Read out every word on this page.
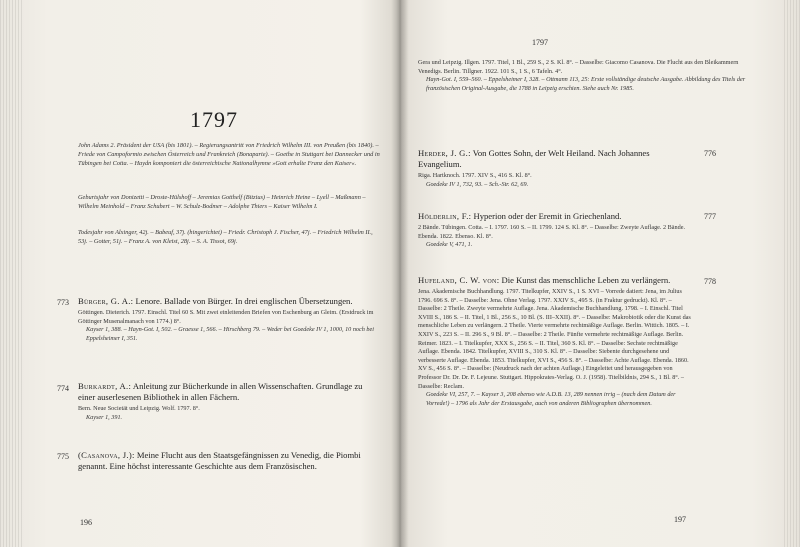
1797

John Adams 2. Präsident der USA (bis 1801). – Regierungsantritt von Friedrich Wilhelm III. von Preußen (bis 1840). – Friede von Campoformio zwischen Österreich und Frankreich (Bonaparte). – Goethe in Stuttgart bei Dannecker und in Tübingen bei Cotta. – Haydn komponiert die österreichische Nationalhymne »Gott erhalte Franz den Kaiser«.

Geburtsjahr von Donizetti – Droste-Hülshoff – Jeremias Gotthelf (Bitzius) – Heinrich Heine – Lyell – Maßmann – Wilhelm Meinhold – Franz Schubert – W. Schulz-Bodmer – Adolphe Thiers – Kaiser Wilhelm I.

Todesjahr von Alxinger, 42j. – Babeuf, 37j. (hingerichtet) – Friedr. Christoph J. Fischer, 47j. – Friedrich Wilhelm II., 53j. – Gotter, 51j. – Franz A. von Kleist, 28j. – S. A. Tissot, 69j.

773 Bürger, G. A.: Lenore. Ballade von Bürger. In drei englischen Übersetzungen.
Göttingen. Dieterich. 1797. Einschl. Titel 60 S. Mit zwei einleitenden Briefen von Eschenburg an Gleim. (Erstdruck im Göttinger Musenalmanach von 1774.) 8°.
Kayser 1, 388. – Hayn-Got. I, 502. – Graesse 1, 566. – Hirschberg 79. – Weder bei Goedeke IV 1, 1000, 10 noch bei Eppelsheimer I, 351.
774 Burkardt, A.: Anleitung zur Bücherkunde in allen Wissenschaften. Grundlage zu einer auserlesenen Bibliothek in allen Fächern.
Bern. Neue Societät und Leipzig. Wolf. 1797. 8°.
Kayser 1, 391.
775 (Casanova, J.): Meine Flucht aus den Staatsgefängnissen zu Venedig, die Piombi genannt. Eine höchst interessante Geschichte aus dem Französischen.
196
1797
Gera und Leipzig. Illgen. 1797. Titel, 1 Bl., 259 S., 2 S. Kl. 8°. – Dasselbe: Giacomo Casanova. Die Flucht aus den Bleikammern Venedigs. Berlin. Tillgner. 1922. 101 S., 1 S., 6 Tafeln. 4°.
Hayn-Got. I, 559–560. – Eppelsheimer I, 328. – Ottmann 113, 25: Erste vollständige deutsche Ausgabe. Abbildung des Titels der französischen Original-Ausgabe, die 1788 in Leipzig erschien. Siehe auch Nr. 1985.
776
Herder, J. G.: Von Gottes Sohn, der Welt Heiland. Nach Johannes Evangelium.
Riga. Hartknoch. 1797. XIV S., 416 S. Kl. 8°.
Goedeke IV 1, 732, 93. – Sch.-Str. 62, 69.
777
Hölderlin, F.: Hyperion oder der Eremit in Griechenland.
2 Bände. Tübingen. Cotta. – I. 1797. 160 S. – II. 1799. 124 S. Kl. 8°. – Dasselbe: Zweyte Auflage. 2 Bände. Ebenda. 1822. Ebenso. Kl. 8°.
Goedeke V, 471, 1.
778
Hufeland, C. W. von: Die Kunst das menschliche Leben zu verlängern.
Jena. Akademische Buchhandlung. 1797. Titelkupfer, XXIV S., 1 S. XVI – Vorrede datiert: Jena, im Julius 1796. 696 S. 8°. – Dasselbe: Jena. Ohne Verlag. 1797. XXIV S., 495 S. (in Fraktur gedruckt). Kl. 8°. – Dasselbe: 2 Theile. Zweyte vermehrte Auflage. Jena. Akademische Buchhandlung. 1798. – I. Einschl. Titel XVIII S., 186 S. – II. Titel, 1 Bl., 256 S., 10 Bl. (S. III–XXII). 8°. – Dasselbe: Makrobiotik oder die Kunst das menschliche Leben zu verlängern. 2 Theile. Vierte vermehrte rechtmäßige Auflage. Berlin. Wittich. 1805. – I. XXIV S., 223 S. – II. 296 S., 9 Bl. 8°. – Dasselbe: 2 Theile. Fünfte vermehrte rechtmäßige Auflage. Berlin. Reimer. 1823. – I. Titelkupfer, XXX S., 256 S. – II. Titel, 360 S. Kl. 8°. – Dasselbe: Sechste rechtmäßige Auflage. Ebenda. 1842. Titelkupfer, XVIII S., 310 S. Kl. 8°. – Dasselbe: Siebente durchgesehene und verbesserte Auflage. Ebenda. 1853. Titelkupfer, XVI S., 456 S. 8°. – Dasselbe: Achte Auflage. Ebenda. 1860. XV S., 456 S. 8°. – Dasselbe: (Neudruck nach der achten Auflage.) Eingeleitet und herausgegeben von Professor Dr. Dr. Dr. F. Lejeune. Stuttgart. Hippokrates-Verlag. O. J. (1958). Titelbildnis, 294 S., 1 Bl. 8°. – Dasselbe: Reclam.
Goedeke VI, 257, 7. – Kayser 3, 208 ebenso wie A.D.B. 13, 289 nennen irrig – (nach dem Datum der Vorrede!) – 1796 als Jahr der Erstausgabe, auch von anderen Bibliographen übernommen.
197
